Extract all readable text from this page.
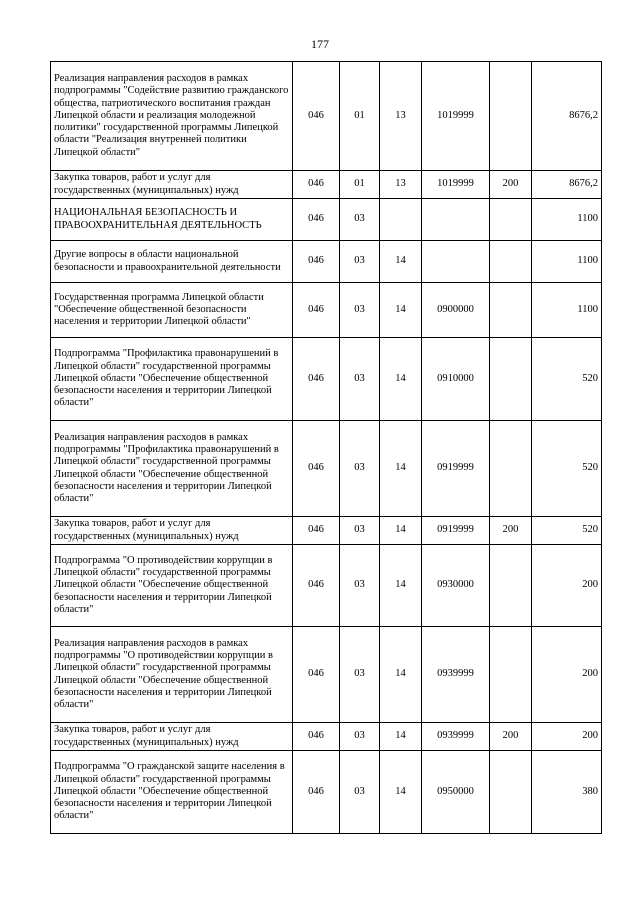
177
Реализация направления расходов в рамках подпрограммы "Содействие развитию гражданского общества, патриотического воспитания граждан Липецкой области и реализация молодежной политики" государственной программы Липецкой области "Реализация внутренней политики Липецкой области"	046	01	13	1019999		8676,2
Закупка товаров, работ и услуг для государственных (муниципальных) нужд	046	01	13	1019999	200	8676,2
НАЦИОНАЛЬНАЯ БЕЗОПАСНОСТЬ И ПРАВООХРАНИТЕЛЬНАЯ ДЕЯТЕЛЬНОСТЬ	046	03				1100
Другие вопросы в области национальной безопасности и правоохранительной деятельности	046	03	14			1100
Государственная программа Липецкой области "Обеспечение общественной безопасности населения и территории Липецкой области"	046	03	14	0900000		1100
Подпрограмма "Профилактика правонарушений в Липецкой области" государственной программы Липецкой области "Обеспечение общественной безопасности населения и территории Липецкой области"	046	03	14	0910000		520
Реализация направления расходов в рамках подпрограммы "Профилактика правонарушений в Липецкой области" государственной программы Липецкой области "Обеспечение общественной безопасности населения и территории Липецкой области"	046	03	14	0919999		520
Закупка товаров, работ и услуг для государственных (муниципальных) нужд	046	03	14	0919999	200	520
Подпрограмма "О противодействии коррупции в Липецкой области" государственной программы Липецкой области "Обеспечение общественной безопасности населения и территории Липецкой области"	046	03	14	0930000		200
Реализация направления расходов в рамках подпрограммы "О противодействии коррупции в Липецкой области" государственной программы Липецкой области "Обеспечение общественной безопасности населения и территории Липецкой области"	046	03	14	0939999		200
Закупка товаров, работ и услуг для государственных (муниципальных) нужд	046	03	14	0939999	200	200
Подпрограмма "О гражданской защите населения в Липецкой области" государственной программы Липецкой области "Обеспечение общественной безопасности населения и территории Липецкой области"	046	03	14	0950000		380
